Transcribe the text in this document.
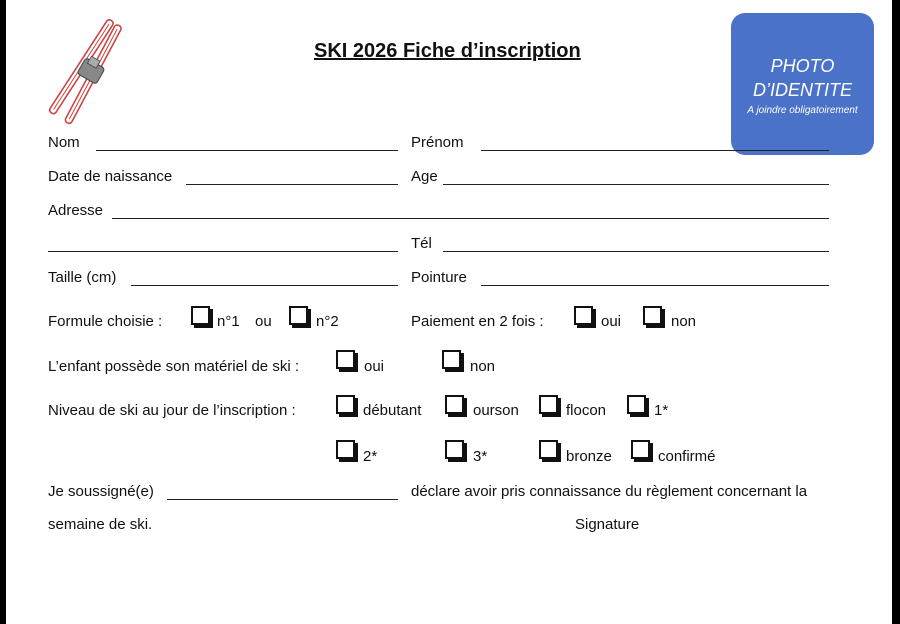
SKI 2026 Fiche d’inscription
PHOTO
D’IDENTITE
A joindre obligatoirement
Nom	Prénom
Date de naissance	Age
Adresse
Tél
Taille (cm)	Pointure
Formule choisie :	n°1 ou	n°2	Paiement en 2 fois :	oui	non
L’enfant possède son matériel de ski :	oui	non
Niveau de ski au jour de l’inscription :	débutant	ourson	flocon	1*
2*	3*	bronze	confirmé
Je soussigné(e)	déclare avoir pris connaissance du règlement concernant la
semaine de ski.	Signature
